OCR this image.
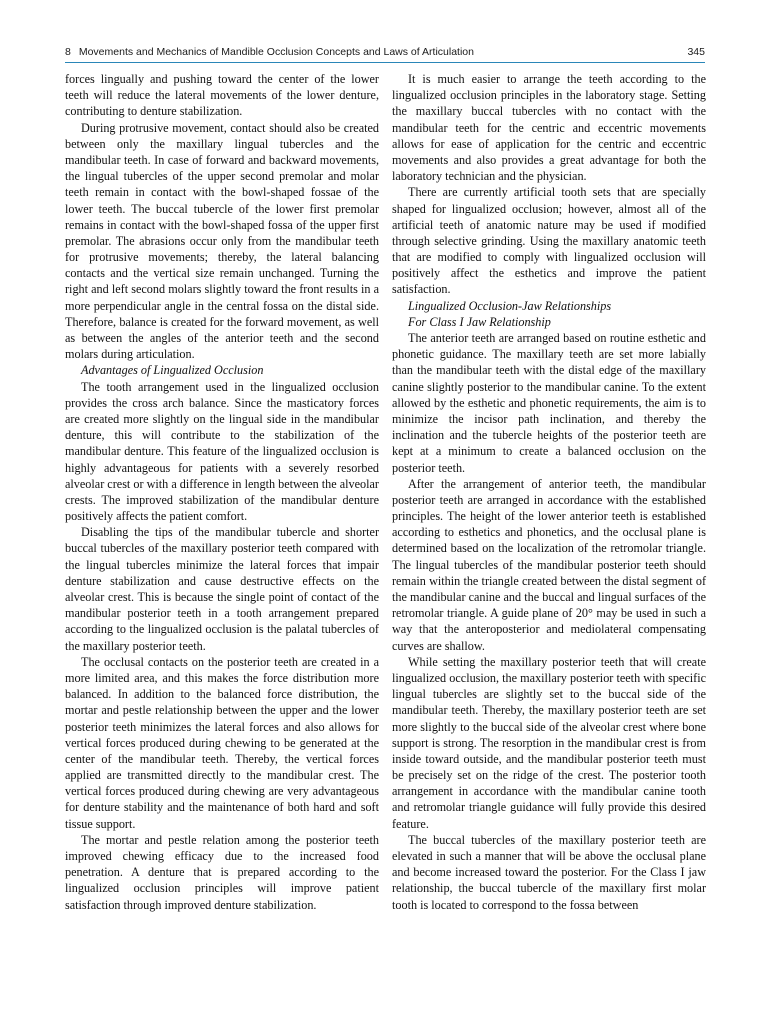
8 Movements and Mechanics of Mandible Occlusion Concepts and Laws of Articulation	345

forces lingually and pushing toward the center of the lower teeth will reduce the lateral movements of the lower denture, contributing to denture stabilization.

During protrusive movement, contact should also be created between only the maxillary lingual tubercles and the mandibular teeth. In case of forward and backward movements, the lingual tubercles of the upper second premolar and molar teeth remain in contact with the bowl-shaped fossae of the lower teeth. The buccal tubercle of the lower first premolar remains in contact with the bowl-shaped fossa of the upper first premolar. The abrasions occur only from the mandibular teeth for protrusive movements; thereby, the lateral balancing contacts and the vertical size remain unchanged. Turning the right and left second molars slightly toward the front results in a more perpendicular angle in the central fossa on the distal side. Therefore, balance is created for the forward movement, as well as between the angles of the anterior teeth and the second molars during articulation.

Advantages of Lingualized Occlusion

The tooth arrangement used in the lingualized occlusion provides the cross arch balance. Since the masticatory forces are created more slightly on the lingual side in the mandibular denture, this will contribute to the stabilization of the mandibular denture. This feature of the lingualized occlusion is highly advantageous for patients with a severely resorbed alveolar crest or with a difference in length between the alveolar crests. The improved stabilization of the mandibular denture positively affects the patient comfort.

Disabling the tips of the mandibular tubercle and shorter buccal tubercles of the maxillary posterior teeth compared with the lingual tubercles minimize the lateral forces that impair denture stabilization and cause destructive effects on the alveolar crest. This is because the single point of contact of the mandibular posterior teeth in a tooth arrangement prepared according to the lingualized occlusion is the palatal tubercles of the maxillary posterior teeth.

The occlusal contacts on the posterior teeth are created in a more limited area, and this makes the force distribution more balanced. In addition to the balanced force distribution, the mortar and pestle relationship between the upper and the lower posterior teeth minimizes the lateral forces and also allows for vertical forces produced during chewing to be generated at the center of the mandibular teeth. Thereby, the vertical forces applied are transmitted directly to the mandibular crest. The vertical forces produced during chewing are very advantageous for denture stability and the maintenance of both hard and soft tissue support.

The mortar and pestle relation among the posterior teeth improved chewing efficacy due to the increased food penetration. A denture that is prepared according to the lingualized occlusion principles will improve patient satisfaction through improved denture stabilization.

It is much easier to arrange the teeth according to the lingualized occlusion principles in the laboratory stage. Setting the maxillary buccal tubercles with no contact with the mandibular teeth for the centric and eccentric movements allows for ease of application for the centric and eccentric movements and also provides a great advantage for both the laboratory technician and the physician.

There are currently artificial tooth sets that are specially shaped for lingualized occlusion; however, almost all of the artificial teeth of anatomic nature may be used if modified through selective grinding. Using the maxillary anatomic teeth that are modified to comply with lingualized occlusion will positively affect the esthetics and improve the patient satisfaction.

Lingualized Occlusion-Jaw Relationships
For Class I Jaw Relationship

The anterior teeth are arranged based on routine esthetic and phonetic guidance. The maxillary teeth are set more labially than the mandibular teeth with the distal edge of the maxillary canine slightly posterior to the mandibular canine. To the extent allowed by the esthetic and phonetic requirements, the aim is to minimize the incisor path inclination, and thereby the inclination and the tubercle heights of the posterior teeth are kept at a minimum to create a balanced occlusion on the posterior teeth.

After the arrangement of anterior teeth, the mandibular posterior teeth are arranged in accordance with the established principles. The height of the lower anterior teeth is established according to esthetics and phonetics, and the occlusal plane is determined based on the localization of the retromolar triangle. The lingual tubercles of the mandibular posterior teeth should remain within the triangle created between the distal segment of the mandibular canine and the buccal and lingual surfaces of the retromolar triangle. A guide plane of 20° may be used in such a way that the anteroposterior and mediolateral compensating curves are shallow.

While setting the maxillary posterior teeth that will create lingualized occlusion, the maxillary posterior teeth with specific lingual tubercles are slightly set to the buccal side of the mandibular teeth. Thereby, the maxillary posterior teeth are set more slightly to the buccal side of the alveolar crest where bone support is strong. The resorption in the mandibular crest is from inside toward outside, and the mandibular posterior teeth must be precisely set on the ridge of the crest. The posterior tooth arrangement in accordance with the mandibular canine tooth and retromolar triangle guidance will fully provide this desired feature.

The buccal tubercles of the maxillary posterior teeth are elevated in such a manner that will be above the occlusal plane and become increased toward the posterior. For the Class I jaw relationship, the buccal tubercle of the maxillary first molar tooth is located to correspond to the fossa between
